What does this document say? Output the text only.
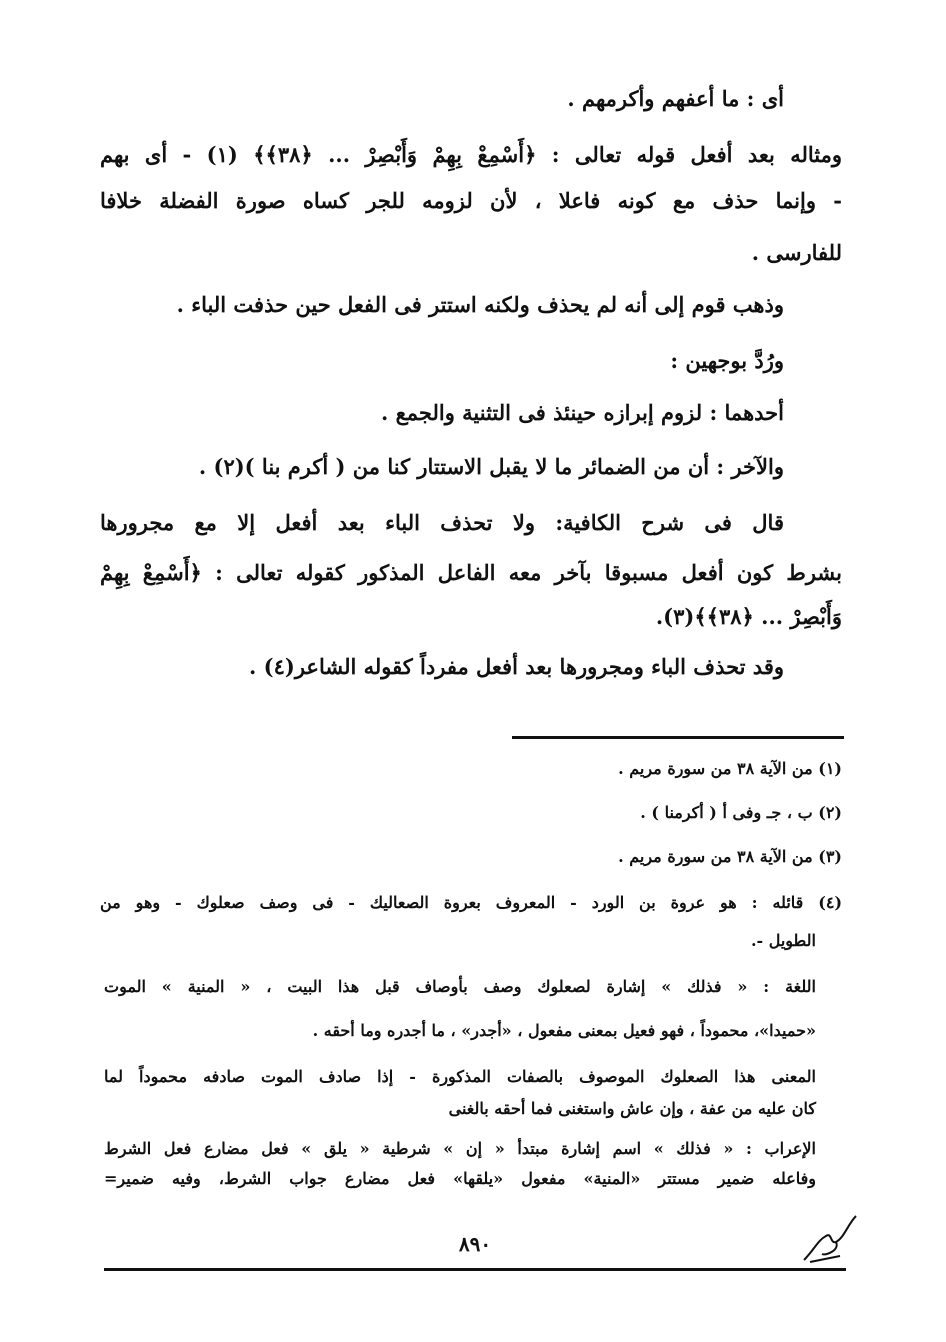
أى : ما أعفهم وأكرمهم .
ومثاله بعد أفعل قوله تعالى : ﴿أَسْمِعْ بِهِمْ وَأَبْصِرْ ... ﴿٣٨﴾﴾ (١) - أى بهم
- وإنما حذف مع كونه فاعلا ، لأن لزومه للجر كساه صورة الفضلة خلافا
للفارسى .
وذهب قوم إلى أنه لم يحذف ولكنه استتر فى الفعل حين حذفت الباء .
ورُدَّ بوجهين :
أحدهما : لزوم إبرازه حينئذ فى التثنية والجمع .
والآخر : أن من الضمائر ما لا يقبل الاستتار كنا من ( أكرم بنا )(٢) .
قال فى شرح الكافية: ولا تحذف الباء بعد أفعل إلا مع مجرورها
بشرط كون أفعل مسبوقا بآخر معه الفاعل المذكور كقوله تعالى : ﴿أَسْمِعْ بِهِمْ
وَأَبْصِرْ ... ﴿٣٨﴾﴾(٣).
وقد تحذف الباء ومجرورها بعد أفعل مفرداً كقوله الشاعر(٤) .
(١) من الآية ٣٨ من سورة مريم .
(٢) ب ، جـ وفى أ ( أكرمنا ) .
(٣) من الآية ٣٨ من سورة مريم .
(٤) قائله : هو عروة بن الورد - المعروف بعروة الصعاليك - فى وصف صعلوك - وهو من
الطويل -.
اللغة : « فذلك » إشارة لصعلوك وصف بأوصاف قبل هذا البيت ، « المنية » الموت
«حميدا»، محموداً ، فهو فعيل بمعنى مفعول ، «أجدر» ، ما أجدره وما أحقه .
المعنى هذا الصعلوك الموصوف بالصفات المذكورة - إذا صادف الموت صادفه محموداً لما
كان عليه من عفة ، وإن عاش واستغنى فما أحقه بالغنى
الإعراب : « فذلك » اسم إشارة مبتدأ « إن » شرطية « يلق » فعل مضارع فعل الشرط
وفاعله ضمير مستتر «المنية» مفعول «يلقها» فعل مضارع جواب الشرط، وفيه ضمير=
٨٩٠
